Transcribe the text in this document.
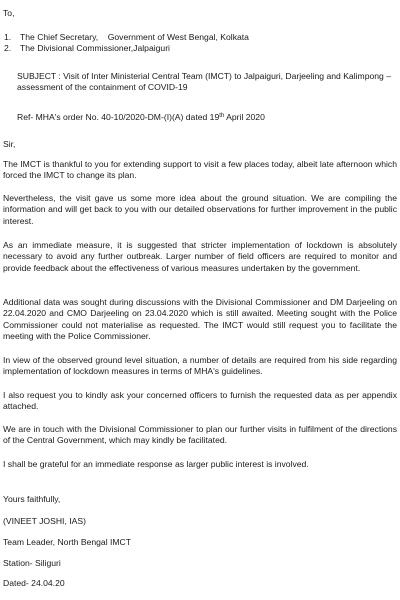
To,
1.	The Chief Secretary,    Government of West Bengal, Kolkata
2.	The Divisional Commissioner,Jalpaiguri
SUBJECT : Visit of Inter Ministerial Central Team (IMCT) to Jalpaiguri, Darjeeling and Kalimpong – assessment of the containment of COVID-19
Ref- MHA's order No. 40-10/2020-DM-(I)(A) dated 19th April 2020
Sir,
The IMCT is thankful to you for extending support to visit a few places today, albeit late afternoon which forced the IMCT to change its plan.
Nevertheless, the visit gave us some more idea about the ground situation. We are compiling the information and will get back to you with our detailed observations for further improvement in the public interest.
As an immediate measure, it is suggested that stricter implementation of lockdown is absolutely necessary to avoid any further outbreak. Larger number of field officers are required to monitor and provide feedback about the effectiveness of various measures undertaken by the government.
Additional data was sought during discussions with the Divisional Commissioner and DM Darjeeling on 22.04.2020 and CMO Darjeeling on 23.04.2020 which is still awaited. Meeting sought with the Police Commissioner could not materialise as requested. The IMCT would still request you to facilitate the meeting with the Police Commissioner.
In view of the observed ground level situation, a number of details are required from his side regarding implementation of lockdown measures in terms of MHA's guidelines.
I also request you to kindly ask your concerned officers to furnish the requested data as per appendix attached.
We are in touch with the Divisional Commissioner to plan our further visits in fulfilment of the directions of the Central Government, which may kindly be facilitated.
I shall be grateful for an immediate response as larger public interest is involved.
Yours faithfully,
(VINEET JOSHI, IAS)
Team Leader, North Bengal IMCT
Station- Siliguri
Dated- 24.04.20
